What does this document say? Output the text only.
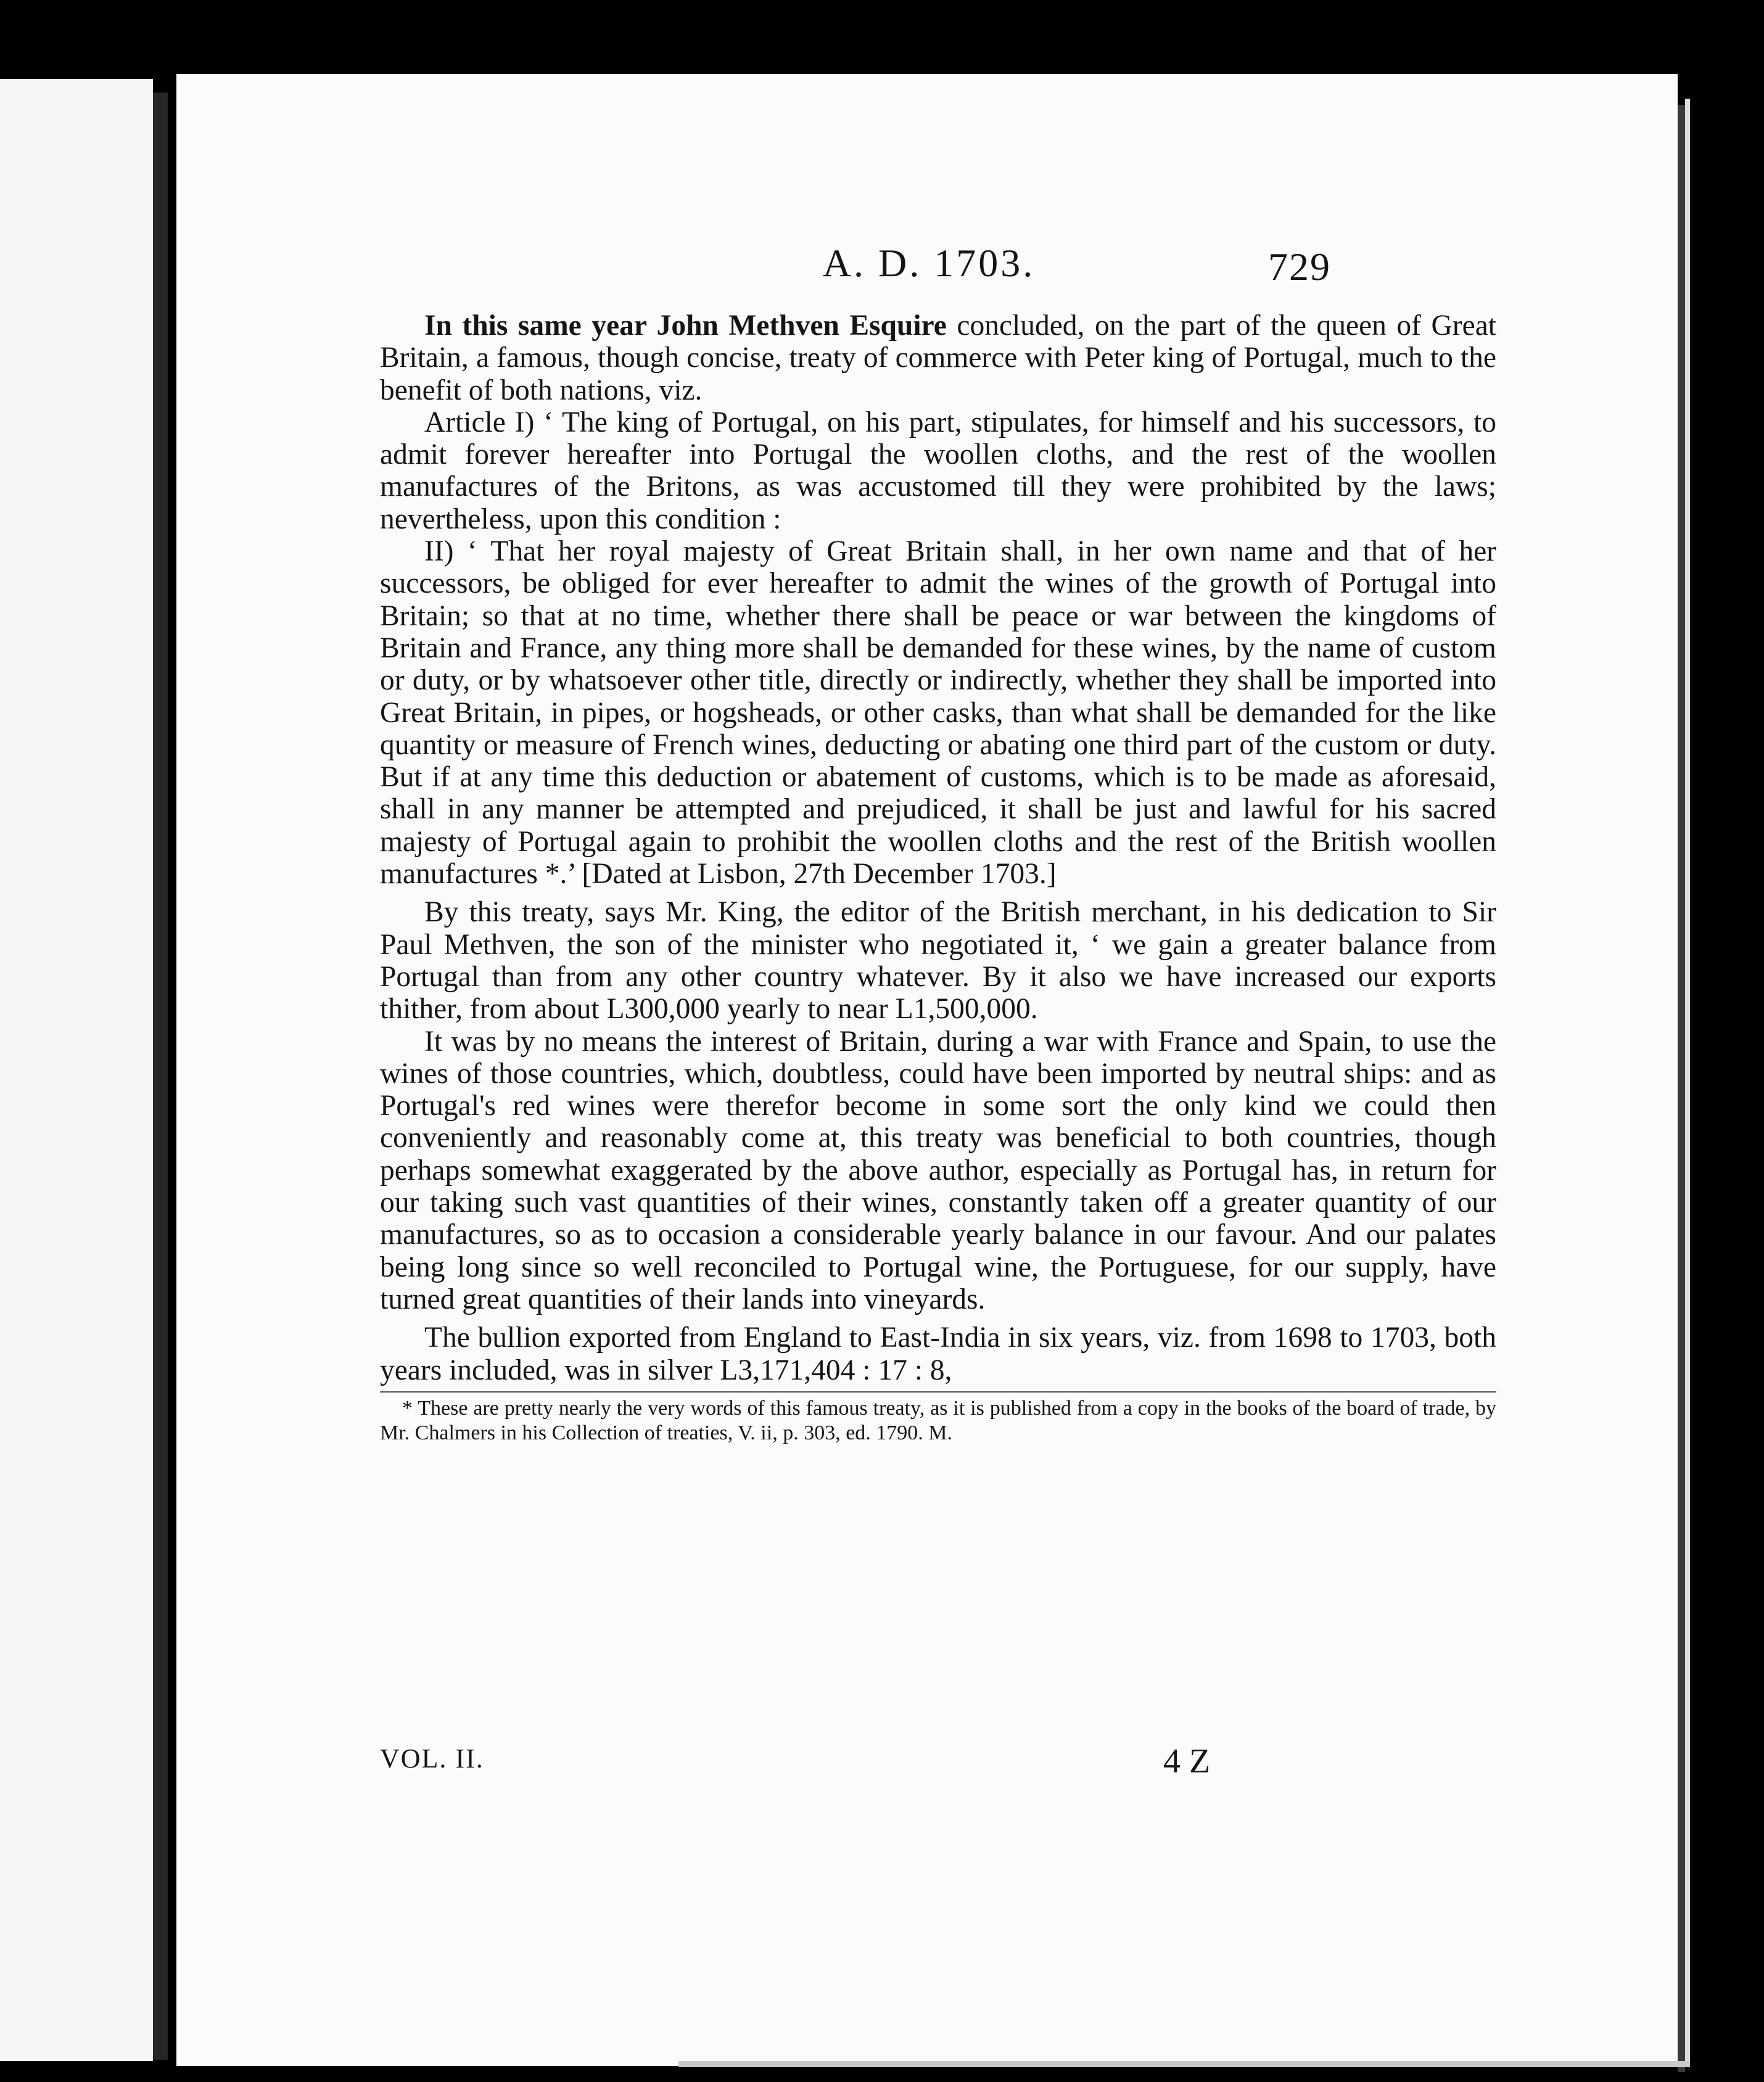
A. D. 1703.	729

In this same year John Methven Esquire concluded, on the part of the queen of Great Britain, a famous, though concise, treaty of commerce with Peter king of Portugal, much to the benefit of both nations, viz.

Article I) ‘ The king of Portugal, on his part, stipulates, for himself and his successors, to admit forever hereafter into Portugal the woollen cloths, and the rest of the woollen manufactures of the Britons, as was accustomed till they were prohibited by the laws; nevertheless, upon this condition :

II) ‘ That her royal majesty of Great Britain shall, in her own name and that of her successors, be obliged for ever hereafter to admit the wines of the growth of Portugal into Britain; so that at no time, whether there shall be peace or war between the kingdoms of Britain and France, any thing more shall be demanded for these wines, by the name of custom or duty, or by whatsoever other title, directly or indirectly, whether they shall be imported into Great Britain, in pipes, or hogsheads, or other casks, than what shall be demanded for the like quantity or measure of French wines, deducting or abating one third part of the custom or duty. But if at any time this deduction or abatement of customs, which is to be made as aforesaid, shall in any manner be attempted and prejudiced, it shall be just and lawful for his sacred majesty of Portugal again to prohibit the woollen cloths and the rest of the British woollen manufactures *.’ [Dated at Lisbon, 27th December 1703.]

By this treaty, says Mr. King, the editor of the British merchant, in his dedication to Sir Paul Methven, the son of the minister who negotiated it, ‘ we gain a greater balance from Portugal than from any other country whatever. By it also we have increased our exports thither, from about L300,000 yearly to near L1,500,000.

It was by no means the interest of Britain, during a war with France and Spain, to use the wines of those countries, which, doubtless, could have been imported by neutral ships: and as Portugal's red wines were therefor become in some sort the only kind we could then conveniently and reasonably come at, this treaty was beneficial to both countries, though perhaps somewhat exaggerated by the above author, especially as Portugal has, in return for our taking such vast quantities of their wines, constantly taken off a greater quantity of our manufactures, so as to occasion a considerable yearly balance in our favour. And our palates being long since so well reconciled to Portugal wine, the Portuguese, for our supply, have turned great quantities of their lands into vineyards.

The bullion exported from England to East-India in six years, viz. from 1698 to 1703, both years included, was in silver L3,171,404 : 17 : 8,

* These are pretty nearly the very words of this famous treaty, as it is published from a copy in the books of the board of trade, by Mr. Chalmers in his Collection of treaties, V. ii, p. 303, ed. 1790. M.

VOL. II.	4 Z
